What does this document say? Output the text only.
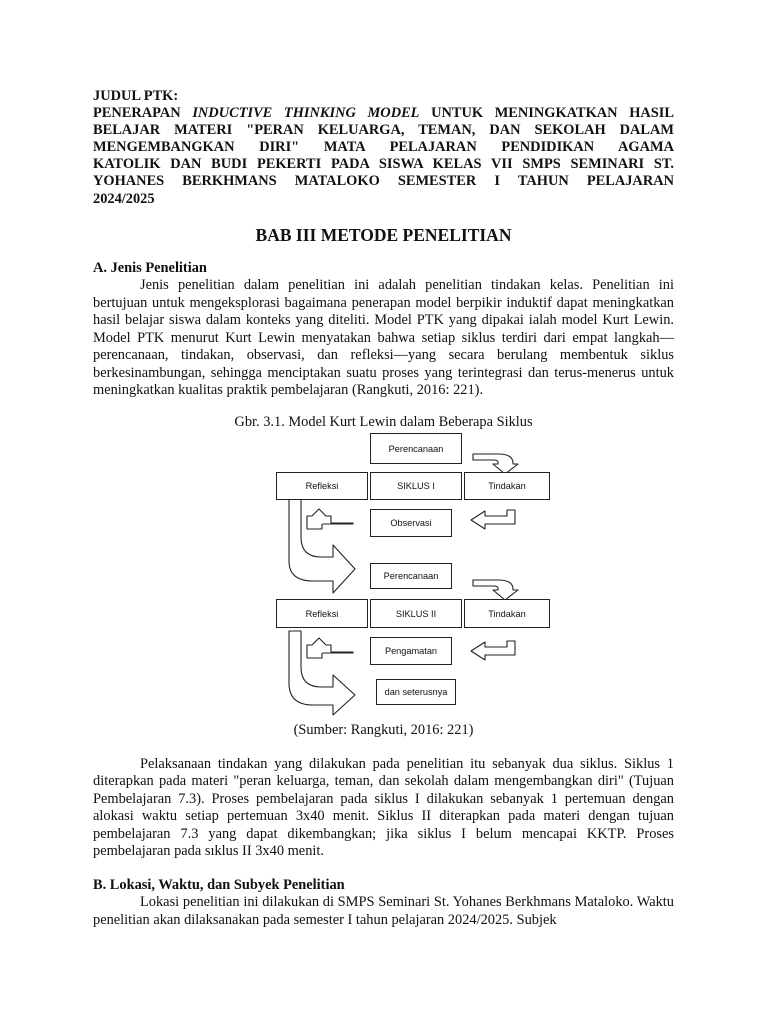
JUDUL PTK:

PENERAPAN INDUCTIVE THINKING MODEL UNTUK MENINGKATKAN HASIL

BELAJAR MATERI "PERAN KELUARGA, TEMAN, DAN SEKOLAH DALAM

MENGEMBANGKAN DIRI" MATA PELAJARAN PENDIDIKAN AGAMA

KATOLIK DAN BUDI PEKERTI PADA SISWA KELAS VII SMPS SEMINARI ST.

YOHANES BERKHMANS MATALOKO SEMESTER I TAHUN PELAJARAN

2024/2025

BAB III METODE PENELITIAN
A. Jenis Penelitian

Jenis penelitian dalam penelitian ini adalah penelitian tindakan kelas. Penelitian ini bertujuan untuk mengeksplorasi bagaimana penerapan model berpikir induktif dapat meningkatkan hasil belajar siswa dalam konteks yang diteliti. Model PTK yang dipakai ialah model Kurt Lewin. Model PTK menurut Kurt Lewin menyatakan bahwa setiap siklus terdiri dari empat langkah—perencanaan, tindakan, observasi, dan refleksi—yang secara berulang membentuk siklus berkesinambungan, sehingga menciptakan suatu proses yang terintegrasi dan terus-menerus untuk meningkatkan kualitas praktik pembelajaran (Rangkuti, 2016: 221).

Gbr. 3.1. Model Kurt Lewin dalam Beberapa Siklus

Perencanaan
Refleksi	SIKLUS I	Tindakan
Observasi
Perencanaan
Refleksi	SIKLUS II	Tindakan
Pengamatan
dan seterusnya

(Sumber: Rangkuti, 2016: 221)

Pelaksanaan tindakan yang dilakukan pada penelitian itu sebanyak dua siklus. Siklus 1 diterapkan pada materi "peran keluarga, teman, dan sekolah dalam mengembangkan diri" (Tujuan Pembelajaran 7.3). Proses pembelajaran pada siklus I dilakukan sebanyak 1 pertemuan dengan alokasi waktu setiap pertemuan 3x40 menit. Siklus II diterapkan pada materi dengan tujuan pembelajaran 7.3 yang dapat dikembangkan; jika siklus I belum mencapai KKTP. Proses pembelajaran pada sıklus II 3x40 menit.

B. Lokasi, Waktu, dan Subyek Penelitian

Lokasi penelitian ini dilakukan di SMPS Seminari St. Yohanes Berkhmans Mataloko. Waktu penelitian akan dilaksanakan pada semester I tahun pelajaran 2024/2025. Subjek
